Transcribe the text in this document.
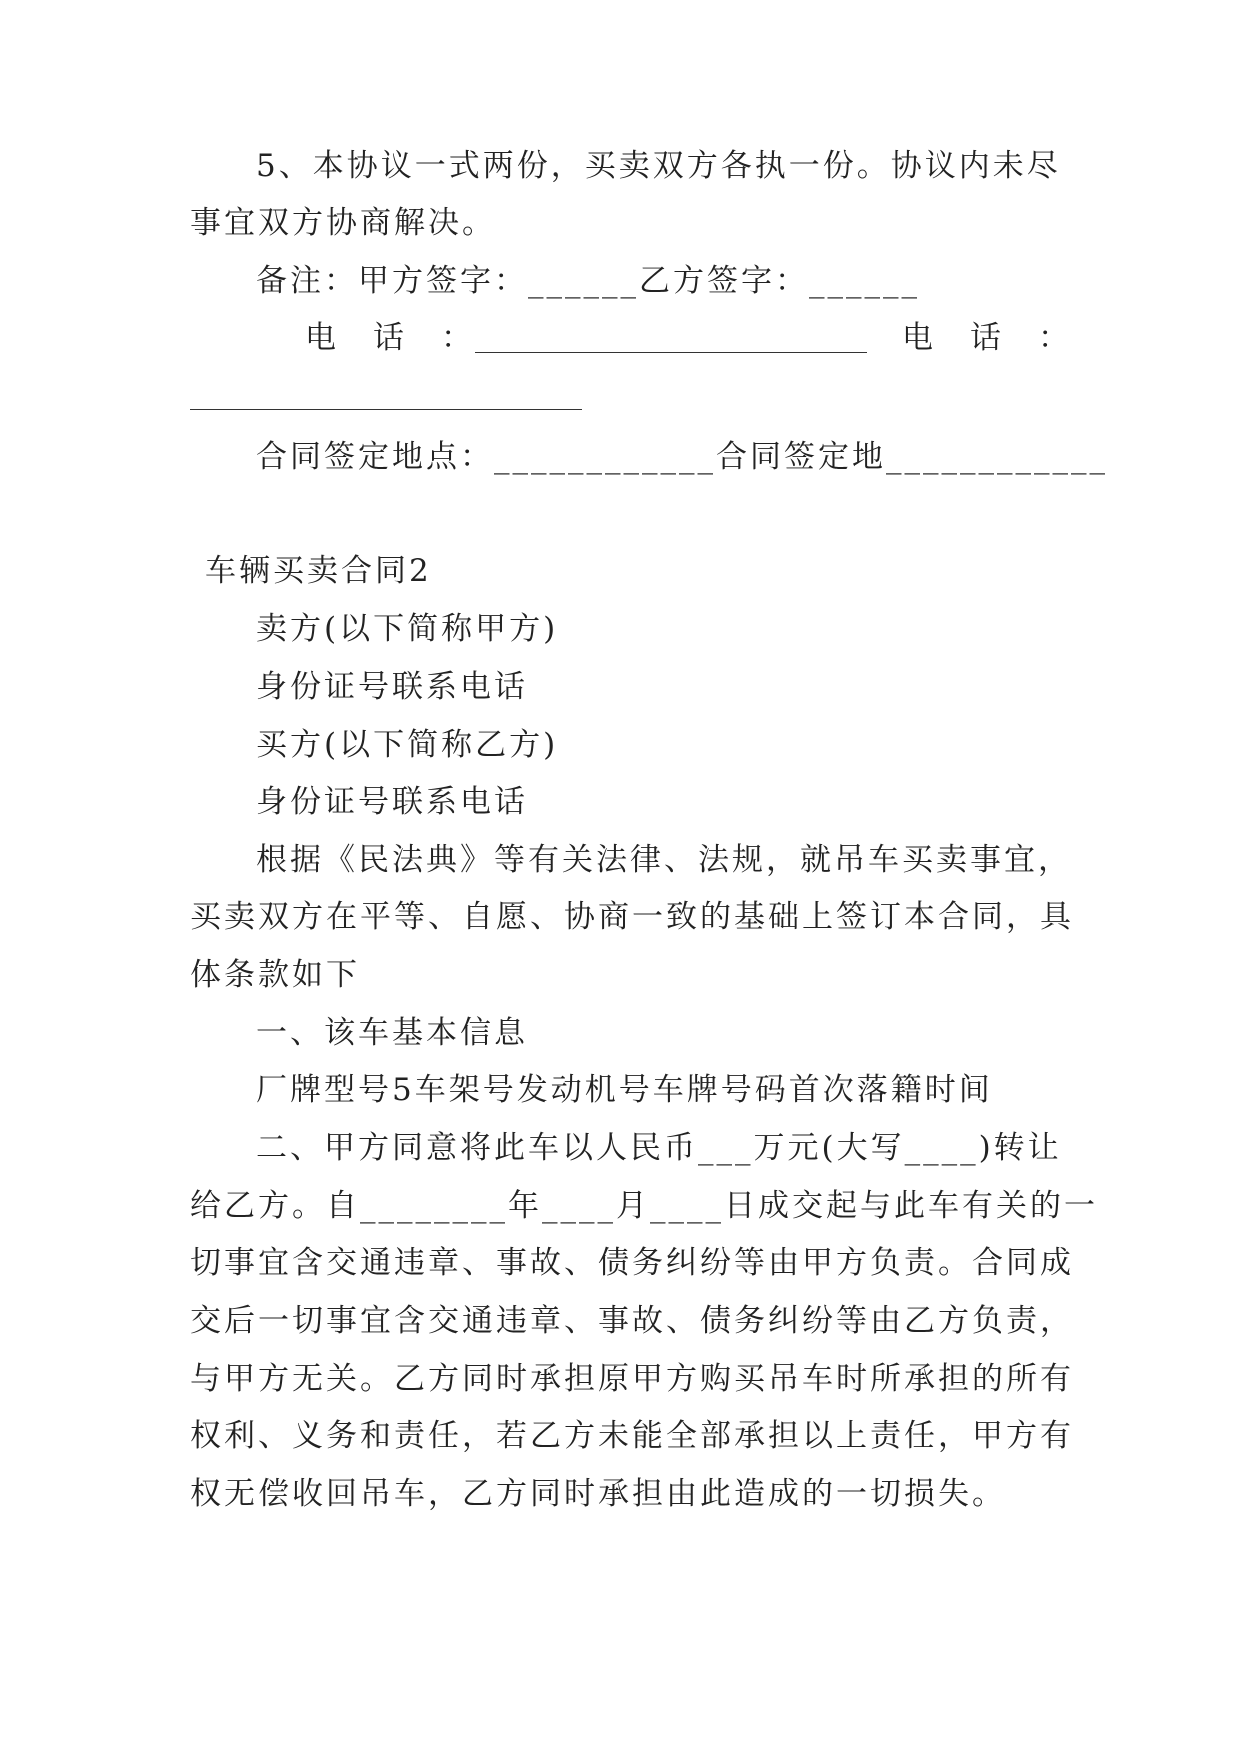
5、本协议一式两份，买卖双方各执一份。协议内未尽
事宜双方协商解决。
备注：甲方签字：______乙方签字：______
电　话　：	电　话　：
合同签定地点：____________合同签定地____________
车辆买卖合同2
卖方(以下简称甲方)
身份证号联系电话
买方(以下简称乙方)
身份证号联系电话
根据《民法典》等有关法律、法规，就吊车买卖事宜，
买卖双方在平等、自愿、协商一致的基础上签订本合同，具
体条款如下
一、该车基本信息
厂牌型号5车架号发动机号车牌号码首次落籍时间
二、甲方同意将此车以人民币___万元(大写____)转让
给乙方。自________年____月____日成交起与此车有关的一
切事宜含交通违章、事故、债务纠纷等由甲方负责。合同成
交后一切事宜含交通违章、事故、债务纠纷等由乙方负责，
与甲方无关。乙方同时承担原甲方购买吊车时所承担的所有
权利、义务和责任，若乙方未能全部承担以上责任，甲方有
权无偿收回吊车，乙方同时承担由此造成的一切损失。
